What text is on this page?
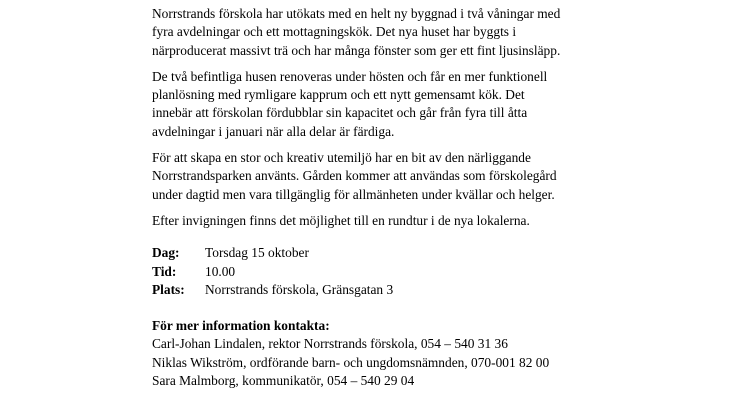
Norrstrands förskola har utökats med en helt ny byggnad i två våningar med
fyra avdelningar och ett mottagningskök. Det nya huset har byggts i
närproducerat massivt trä och har många fönster som ger ett fint ljusinsläpp.
De två befintliga husen renoveras under hösten och får en mer funktionell
planlösning med rymligare kapprum och ett nytt gemensamt kök. Det
innebär att förskolan fördubblar sin kapacitet och går från fyra till åtta
avdelningar i januari när alla delar är färdiga.
För att skapa en stor och kreativ utemiljö har en bit av den närliggande
Norrstrandsparken använts. Gården kommer att användas som förskolegård
under dagtid men vara tillgänglig för allmänheten under kvällar och helger.
Efter invigningen finns det möjlighet till en rundtur i de nya lokalerna.
Dag:	Torsdag 15 oktober
Tid:	10.00
Plats:	Norrstrands förskola, Gränsgatan 3
För mer information kontakta:
Carl-Johan Lindalen, rektor Norrstrands förskola, 054 – 540 31 36
Niklas Wikström, ordförande barn- och ungdomsnämnden, 070-001 82 00
Sara Malmborg, kommunikatör, 054 – 540 29 04
